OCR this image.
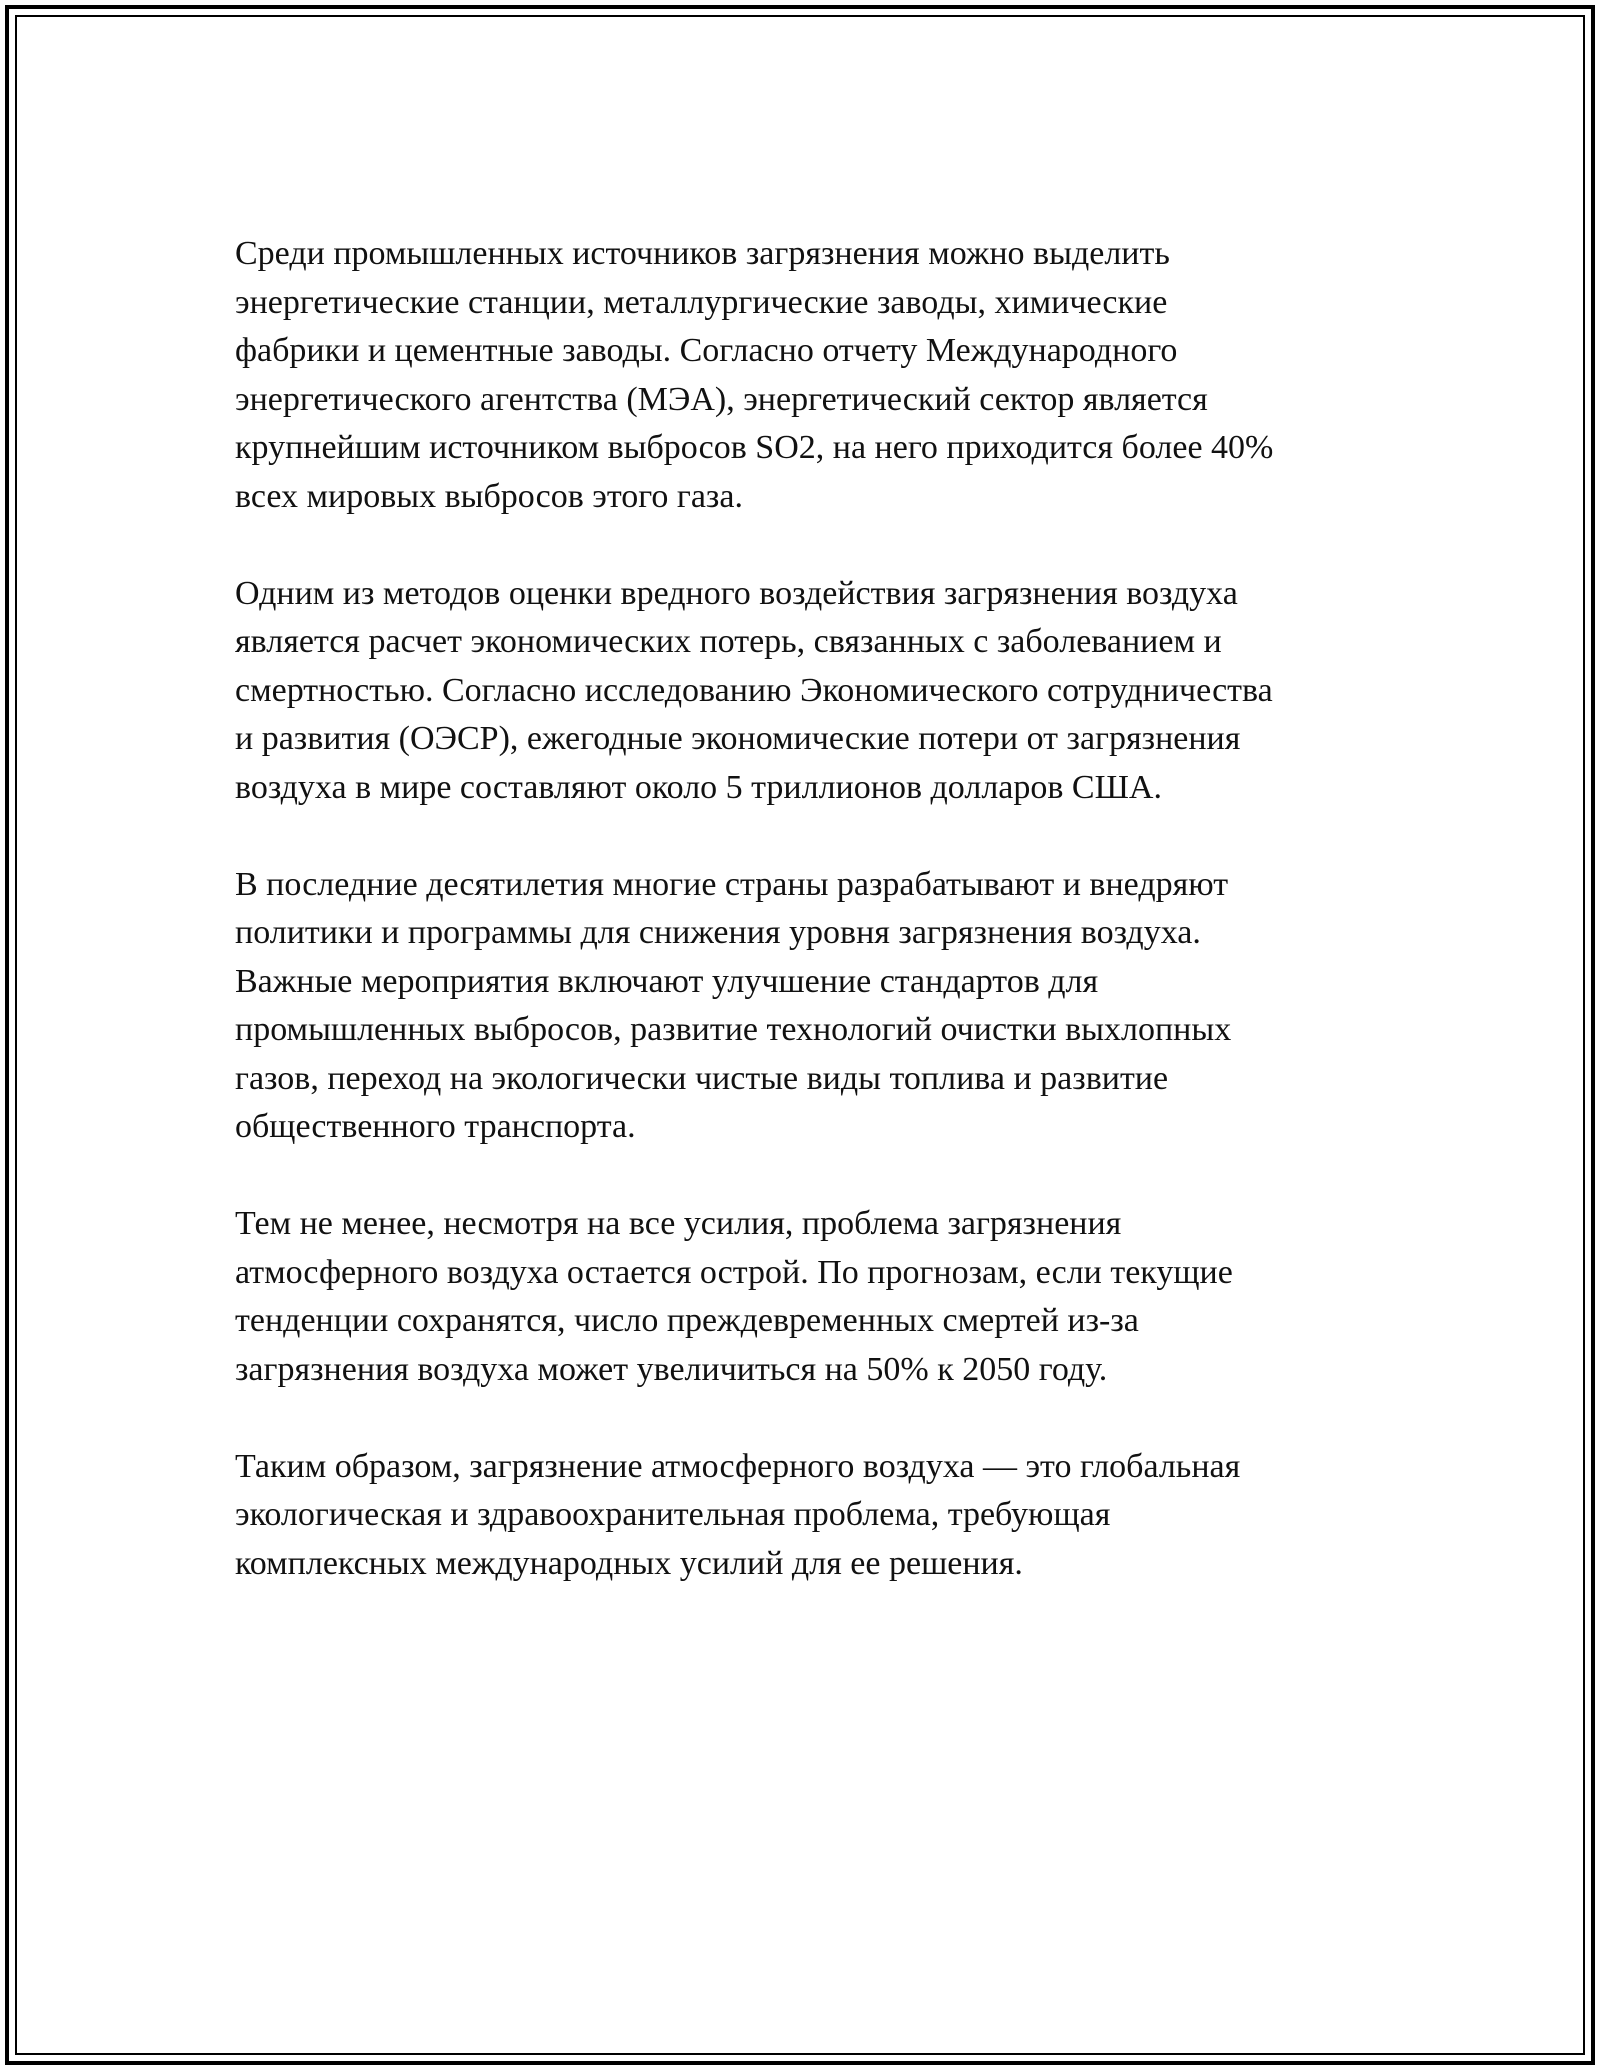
Среди промышленных источников загрязнения можно выделить
энергетические станции, металлургические заводы, химические
фабрики и цементные заводы. Согласно отчету Международного
энергетического агентства (МЭА), энергетический сектор является
крупнейшим источником выбросов SO2, на него приходится более 40%
всех мировых выбросов этого газа.

Одним из методов оценки вредного воздействия загрязнения воздуха
является расчет экономических потерь, связанных с заболеванием и
смертностью. Согласно исследованию Экономического сотрудничества
и развития (ОЭСР), ежегодные экономические потери от загрязнения
воздуха в мире составляют около 5 триллионов долларов США.

В последние десятилетия многие страны разрабатывают и внедряют
политики и программы для снижения уровня загрязнения воздуха.
Важные мероприятия включают улучшение стандартов для
промышленных выбросов, развитие технологий очистки выхлопных
газов, переход на экологически чистые виды топлива и развитие
общественного транспорта.

Тем не менее, несмотря на все усилия, проблема загрязнения
атмосферного воздуха остается острой. По прогнозам, если текущие
тенденции сохранятся, число преждевременных смертей из-за
загрязнения воздуха может увеличиться на 50% к 2050 году.

Таким образом, загрязнение атмосферного воздуха — это глобальная
экологическая и здравоохранительная проблема, требующая
комплексных международных усилий для ее решения.
